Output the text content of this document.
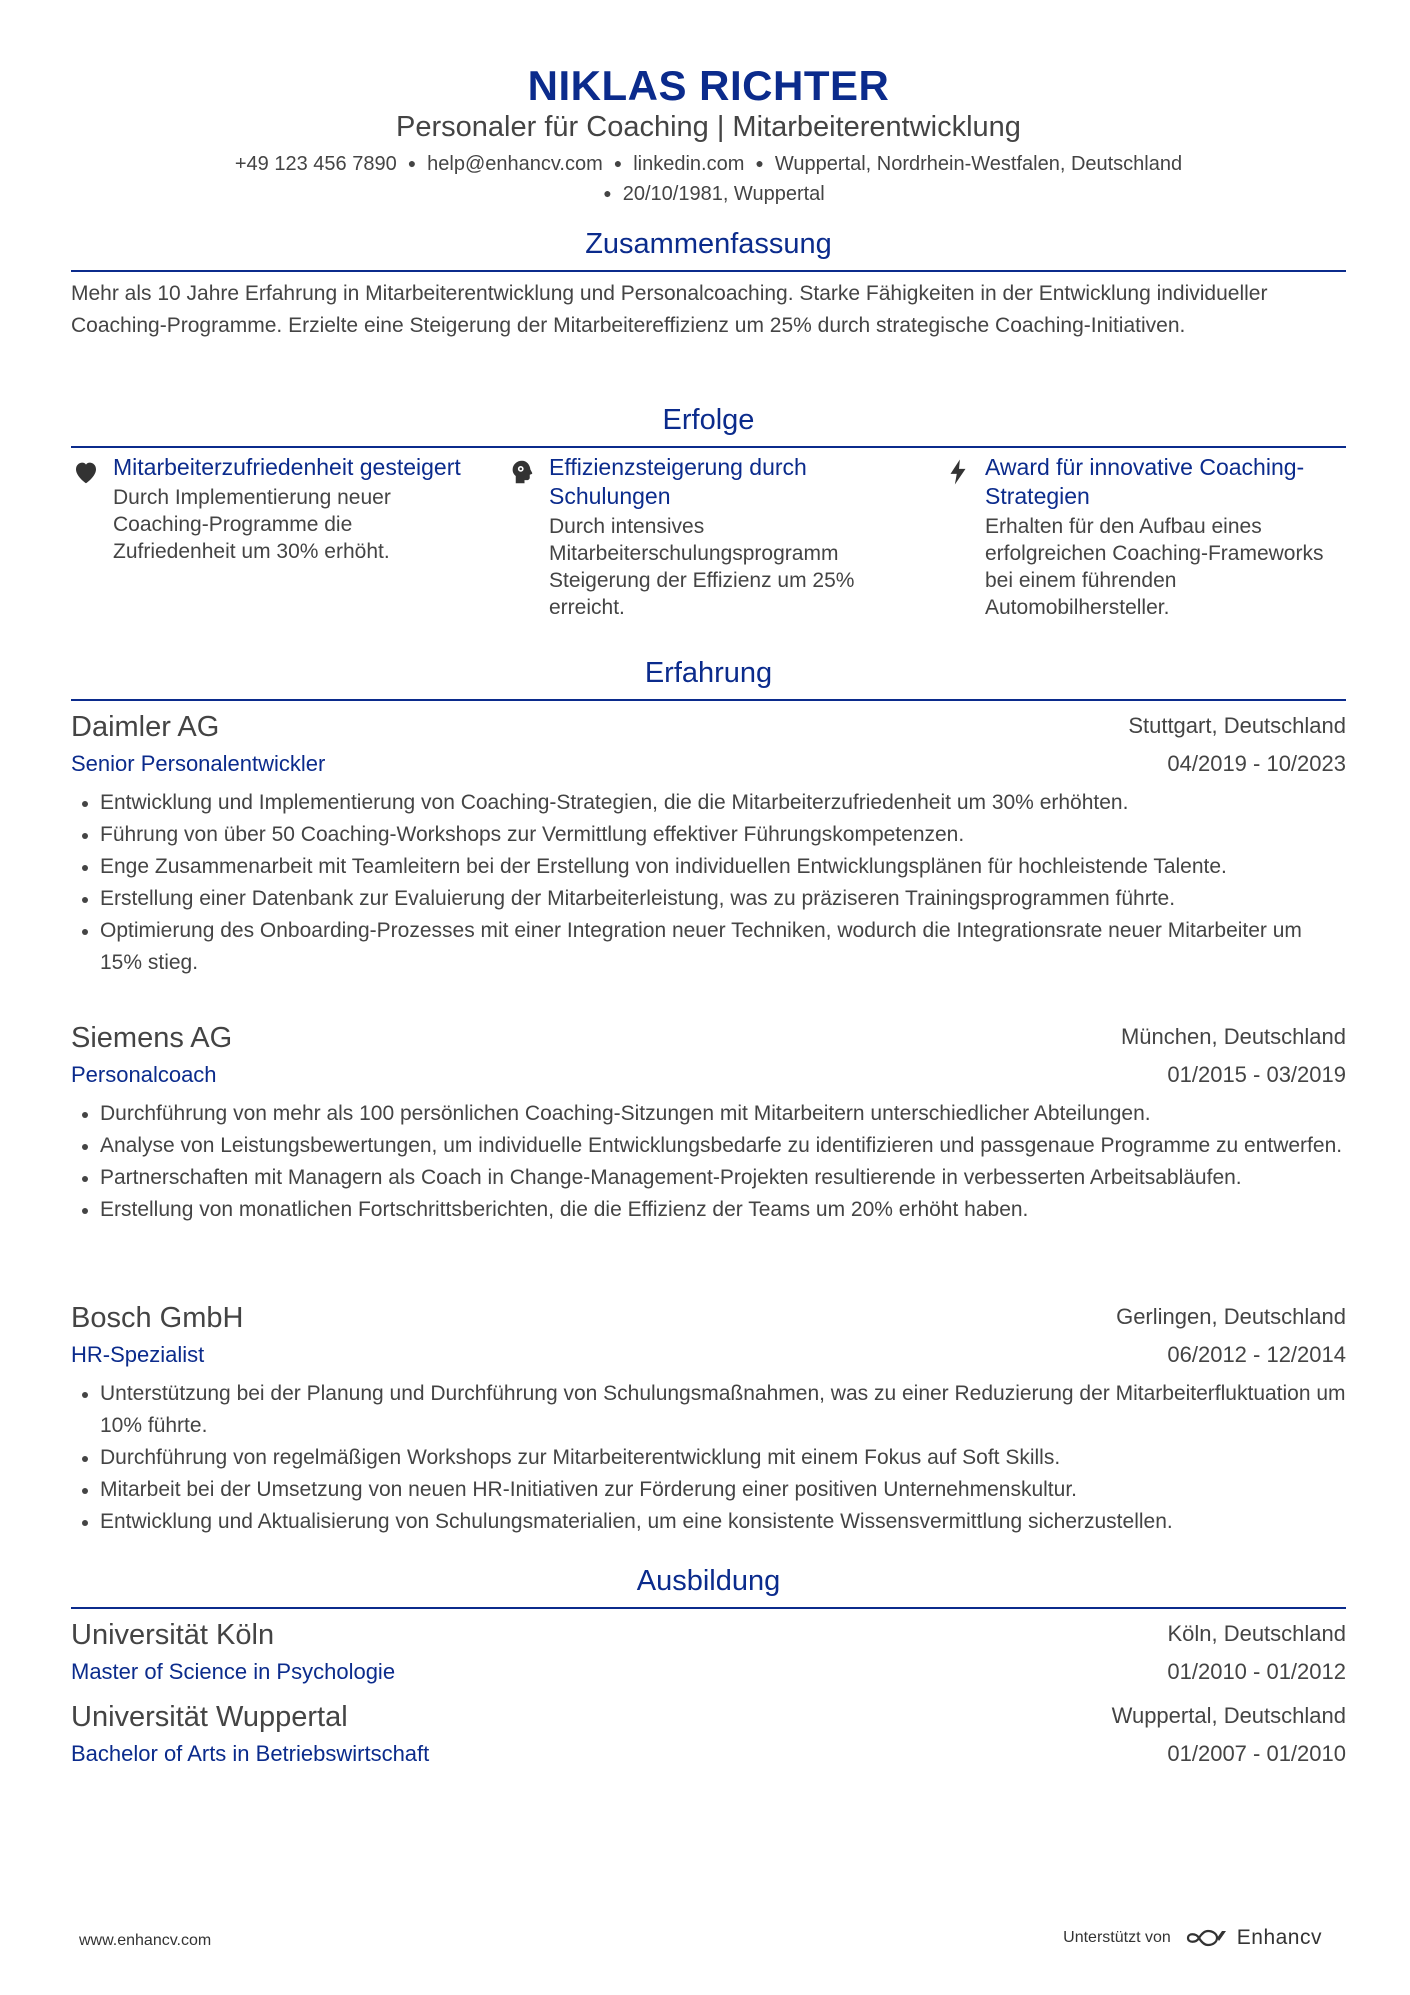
NIKLAS RICHTER
Personaler für Coaching | Mitarbeiterentwicklung
+49 123 456 7890 ● help@enhancv.com ● linkedin.com ● Wuppertal, Nordrhein-Westfalen, Deutschland
● 20/10/1981, Wuppertal
Zusammenfassung
Mehr als 10 Jahre Erfahrung in Mitarbeiterentwicklung und Personalcoaching. Starke Fähigkeiten in der Entwicklung individueller Coaching-Programme. Erzielte eine Steigerung der Mitarbeitereffizienz um 25% durch strategische Coaching-Initiativen.
Erfolge
Mitarbeiterzufriedenheit gesteigert
Durch Implementierung neuer Coaching-Programme die Zufriedenheit um 30% erhöht.
Effizienzsteigerung durch Schulungen
Durch intensives Mitarbeiterschulungsprogramm Steigerung der Effizienz um 25% erreicht.
Award für innovative Coaching-Strategien
Erhalten für den Aufbau eines erfolgreichen Coaching-Frameworks bei einem führenden Automobilhersteller.
Erfahrung
Daimler AG	Stuttgart, Deutschland
Senior Personalentwickler	04/2019 - 10/2023
Entwicklung und Implementierung von Coaching-Strategien, die die Mitarbeiterzufriedenheit um 30% erhöhten.
Führung von über 50 Coaching-Workshops zur Vermittlung effektiver Führungskompetenzen.
Enge Zusammenarbeit mit Teamleitern bei der Erstellung von individuellen Entwicklungsplänen für hochleistende Talente.
Erstellung einer Datenbank zur Evaluierung der Mitarbeiterleistung, was zu präziseren Trainingsprogrammen führte.
Optimierung des Onboarding-Prozesses mit einer Integration neuer Techniken, wodurch die Integrationsrate neuer Mitarbeiter um 15% stieg.
Siemens AG	München, Deutschland
Personalcoach	01/2015 - 03/2019
Durchführung von mehr als 100 persönlichen Coaching-Sitzungen mit Mitarbeitern unterschiedlicher Abteilungen.
Analyse von Leistungsbewertungen, um individuelle Entwicklungsbedarfe zu identifizieren und passgenaue Programme zu entwerfen.
Partnerschaften mit Managern als Coach in Change-Management-Projekten resultierende in verbesserten Arbeitsabläufen.
Erstellung von monatlichen Fortschrittsberichten, die die Effizienz der Teams um 20% erhöht haben.
Bosch GmbH	Gerlingen, Deutschland
HR-Spezialist	06/2012 - 12/2014
Unterstützung bei der Planung und Durchführung von Schulungsmaßnahmen, was zu einer Reduzierung der Mitarbeiterfluktuation um 10% führte.
Durchführung von regelmäßigen Workshops zur Mitarbeiterentwicklung mit einem Fokus auf Soft Skills.
Mitarbeit bei der Umsetzung von neuen HR-Initiativen zur Förderung einer positiven Unternehmenskultur.
Entwicklung und Aktualisierung von Schulungsmaterialien, um eine konsistente Wissensvermittlung sicherzustellen.
Ausbildung
Universität Köln	Köln, Deutschland
Master of Science in Psychologie	01/2010 - 01/2012
Universität Wuppertal	Wuppertal, Deutschland
Bachelor of Arts in Betriebswirtschaft	01/2007 - 01/2010
www.enhancv.com	Unterstützt von	Enhancv
